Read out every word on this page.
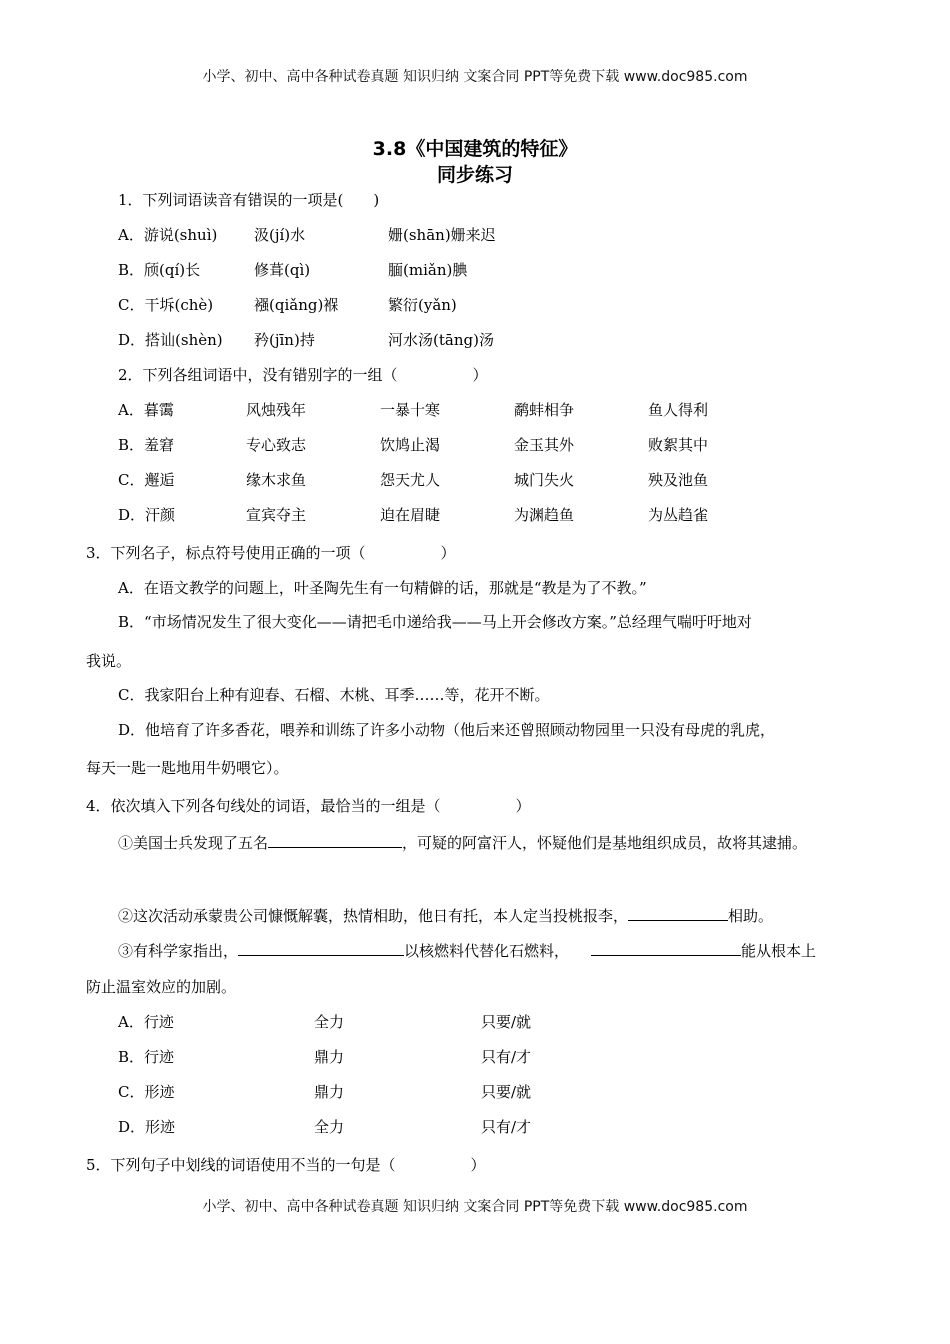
小学、初中、高中各种试卷真题 知识归纳 文案合同 PPT等免费下载 www.doc985.com
3.8《中国建筑的特征》
同步练习
1．下列词语读音有错误的一项是(　　)
A．游说(shuì) 汲(jí)水	姗(shān)姗来迟
B．颀(qí)长	修葺(qì)	腼(miǎn)腆
C．干坼(chè)	襁(qiǎng)褓	繁衍(yǎn)
D．搭讪(shèn) 矜(jīn)持	河水汤(tāng)汤
2．下列各组词语中，没有错别字的一组（　　　　　）
A．暮霭	风烛残年	一暴十寒	鹬蚌相争	鱼人得利
B．羞窘	专心致志	饮鸠止渴	金玉其外	败絮其中
C．邂逅	缘木求鱼	怨天尤人	城门失火	殃及池鱼
D．汗颜	宣宾夺主	迫在眉睫	为渊趋鱼	为丛趋雀
3．下列名子，标点符号使用正确的一项（　　　　　）
A．在语文教学的问题上，叶圣陶先生有一句精僻的话，那就是“教是为了不教。”
B．“市场情况发生了很大变化——请把毛巾递给我——马上开会修改方案。”总经理气喘吁吁地对
我说。
C．我家阳台上种有迎春、石榴、木桃、耳季……等，花开不断。
D．他培育了许多香花，喂养和训练了许多小动物（他后来还曾照顾动物园里一只没有母虎的乳虎，
每天一匙一匙地用牛奶喂它）。
4．依次填入下列各句线处的词语，最恰当的一组是（　　　　　）
①美国士兵发现了五名	，可疑的阿富汗人，怀疑他们是基地组织成员，故将其逮捕。
②这次活动承蒙贵公司慷慨解囊，热情相助，他日有托，本人定当投桃报李，	相助。
③有科学家指出，	以核燃料代替化石燃料，	能从根本上
防止温室效应的加剧。
A．行迹	全力	只要/就
B．行迹	鼎力	只有/才
C．形迹	鼎力	只要/就
D．形迹	全力	只有/才
5．下列句子中划线的词语使用不当的一句是（　　　　　）
小学、初中、高中各种试卷真题 知识归纳 文案合同 PPT等免费下载 www.doc985.com
